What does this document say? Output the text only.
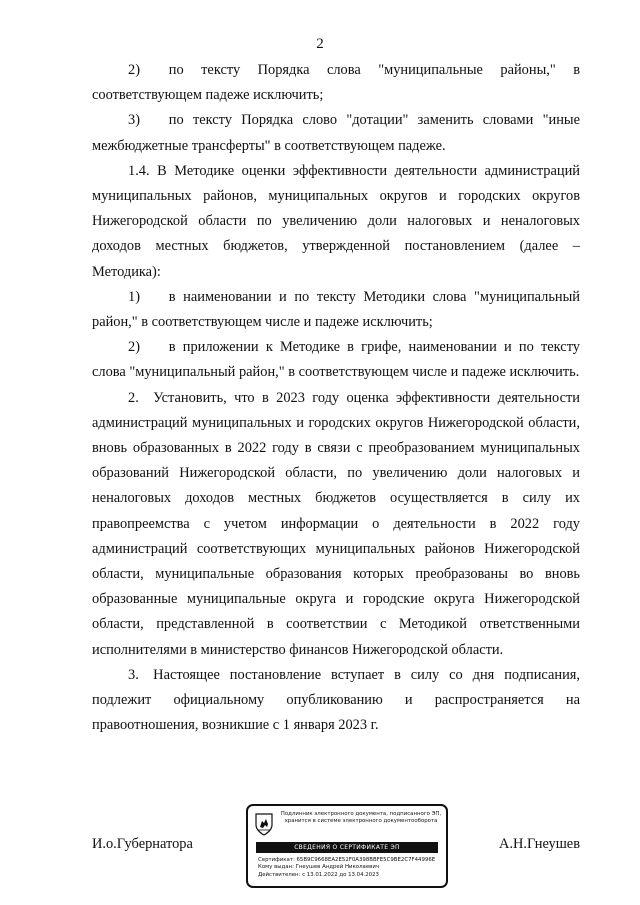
2

2)  по тексту Порядка слова "муниципальные районы," в соответствующем падеже исключить;

3)  по тексту Порядка слово "дотации" заменить словами "иные межбюджетные трансферты" в соответствующем падеже.

1.4. В Методике оценки эффективности деятельности администраций муниципальных районов, муниципальных округов и городских округов Нижегородской области по увеличению доли налоговых и неналоговых доходов местных бюджетов, утвержденной постановлением (далее – Методика):

1)  в наименовании и по тексту Методики слова "муниципальный район," в соответствующем числе и падеже исключить;

2)  в приложении к Методике в грифе, наименовании и по тексту слова "муниципальный район," в соответствующем числе и падеже исключить.

2. Установить, что в 2023 году оценка эффективности деятельности администраций муниципальных и городских округов Нижегородской области, вновь образованных в 2022 году в связи с преобразованием муниципальных образований Нижегородской области, по увеличению доли налоговых и неналоговых доходов местных бюджетов осуществляется в силу их правопреемства с учетом информации о деятельности в 2022 году администраций соответствующих муниципальных районов Нижегородской области, муниципальные образования которых преобразованы во вновь образованные муниципальные округа и городские округа Нижегородской области, представленной в соответствии с Методикой ответственными исполнителями в министерство финансов Нижегородской области.

3. Настоящее постановление вступает в силу со дня подписания, подлежит официальному опубликованию и распространяется на правоотношения, возникшие с 1 января 2023 г.

И.о.Губернатора	А.Н.Гнеушев
Подлинник электронного документа, подписанного ЭП, хранится в системе электронного документооборота
СВЕДЕНИЯ О СЕРТИФИКАТЕ ЭП
Сертификат: 65B9C9668EA2E52F0A398BBFE5C9BE2C7F44996E
Кому выдан: Гнеушев Андрей Николаевич
Действителен: с 13.01.2022 до 13.04.2023
